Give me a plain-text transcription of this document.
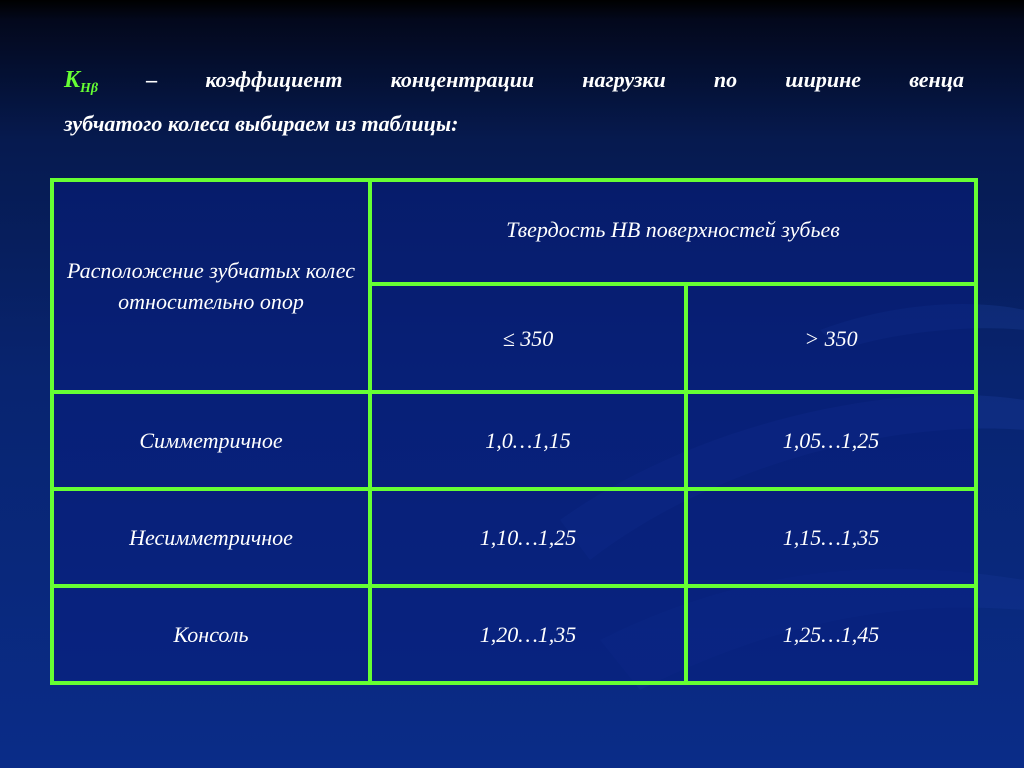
$K_{H\beta}$ – коэффициент концентрации нагрузки по ширине венца
зубчатого колеса выбираем из таблицы:
Расположение зубчатых колес относительно опор	Твердость HB поверхностей зубьев	
	≤ 350	> 350
Симметричное	1,0…1,15	1,05…1,25
Несимметричное	1,10…1,25	1,15…1,35
Консоль	1,20…1,35	1,25…1,45
